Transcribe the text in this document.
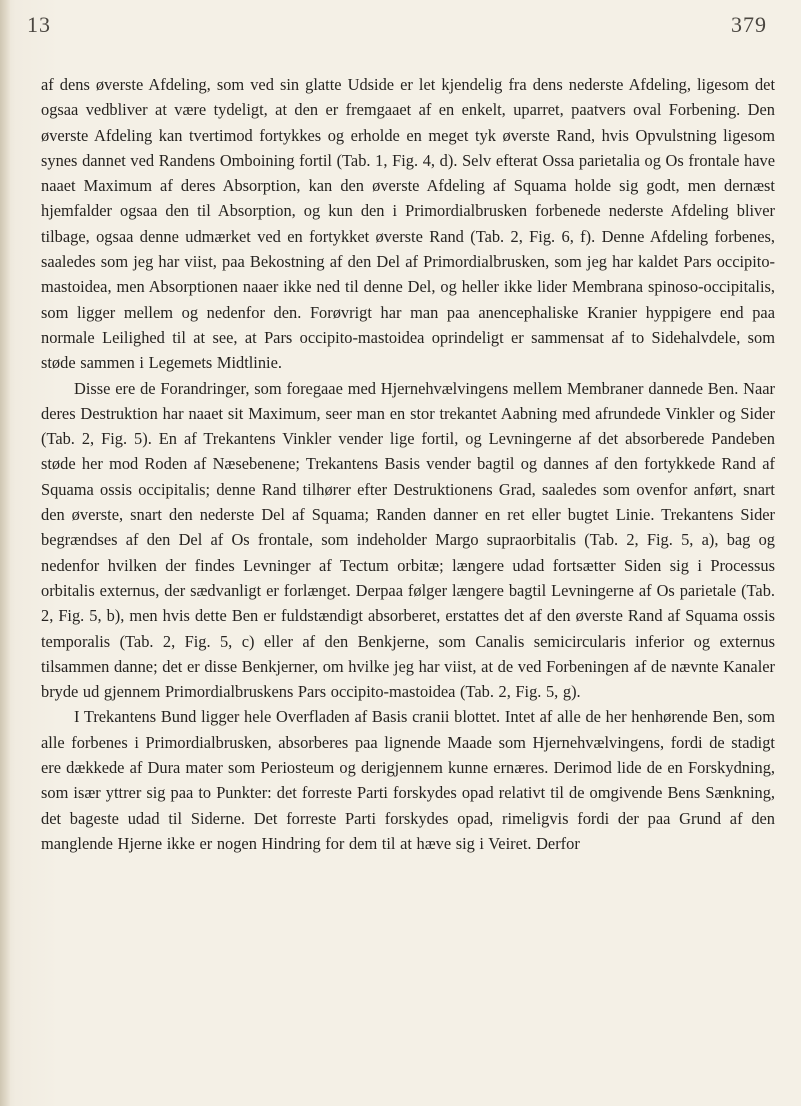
13	379

af dens øverste Afdeling, som ved sin glatte Udside er let kjendelig fra dens nederste Afdeling, ligesom det ogsaa vedbliver at være tydeligt, at den er fremgaaet af en enkelt, uparret, paatvers oval Forbening. Den øverste Afdeling kan tvertimod fortykkes og erholde en meget tyk øverste Rand, hvis Opvulstning ligesom synes dannet ved Randens Omboining fortil (Tab. 1, Fig. 4, d). Selv efterat Ossa parietalia og Os frontale have naaet Maximum af deres Absorption, kan den øverste Afdeling af Squama holde sig godt, men dernæst hjemfalder ogsaa den til Absorption, og kun den i Primordialbrusken forbenede nederste Afdeling bliver tilbage, ogsaa denne udmærket ved en fortykket øverste Rand (Tab. 2, Fig. 6, f). Denne Afdeling forbenes, saaledes som jeg har viist, paa Bekostning af den Del af Primordialbrusken, som jeg har kaldet Pars occipito-mastoidea, men Absorptionen naaer ikke ned til denne Del, og heller ikke lider Membrana spinoso-occipitalis, som ligger mellem og nedenfor den. Forøvrigt har man paa anencephaliske Kranier hyppigere end paa normale Leilighed til at see, at Pars occipito-mastoidea oprindeligt er sammensat af to Sidehalvdele, som støde sammen i Legemets Midtlinie.

Disse ere de Forandringer, som foregaae med Hjernehvælvingens mellem Membraner dannede Ben. Naar deres Destruktion har naaet sit Maximum, seer man en stor trekantet Aabning med afrundede Vinkler og Sider (Tab. 2, Fig. 5). En af Trekantens Vinkler vender lige fortil, og Levningerne af det absorberede Pandeben støde her mod Roden af Næsebenene; Trekantens Basis vender bagtil og dannes af den fortykkede Rand af Squama ossis occipitalis; denne Rand tilhører efter Destruktionens Grad, saaledes som ovenfor anført, snart den øverste, snart den nederste Del af Squama; Randen danner en ret eller bugtet Linie. Trekantens Sider begrændses af den Del af Os frontale, som indeholder Margo supraorbitalis (Tab. 2, Fig. 5, a), bag og nedenfor hvilken der findes Levninger af Tectum orbitæ; længere udad fortsætter Siden sig i Processus orbitalis externus, der sædvanligt er forlænget. Derpaa følger længere bagtil Levningerne af Os parietale (Tab. 2, Fig. 5, b), men hvis dette Ben er fuldstændigt absorberet, erstattes det af den øverste Rand af Squama ossis temporalis (Tab. 2, Fig. 5, c) eller af den Benkjerne, som Canalis semicircularis inferior og externus tilsammen danne; det er disse Benkjerner, om hvilke jeg har viist, at de ved Forbeningen af de nævnte Kanaler bryde ud gjennem Primordialbruskens Pars occipito-mastoidea (Tab. 2, Fig. 5, g).

I Trekantens Bund ligger hele Overfladen af Basis cranii blottet. Intet af alle de her henhørende Ben, som alle forbenes i Primordialbrusken, absorberes paa lignende Maade som Hjernehvælvingens, fordi de stadigt ere dækkede af Dura mater som Periosteum og derigjennem kunne ernæres. Derimod lide de en Forskydning, som især yttrer sig paa to Punkter: det forreste Parti forskydes opad relativt til de omgivende Bens Sænkning, det bageste udad til Siderne. Det forreste Parti forskydes opad, rimeligvis fordi der paa Grund af den manglende Hjerne ikke er nogen Hindring for dem til at hæve sig i Veiret. Derfor
